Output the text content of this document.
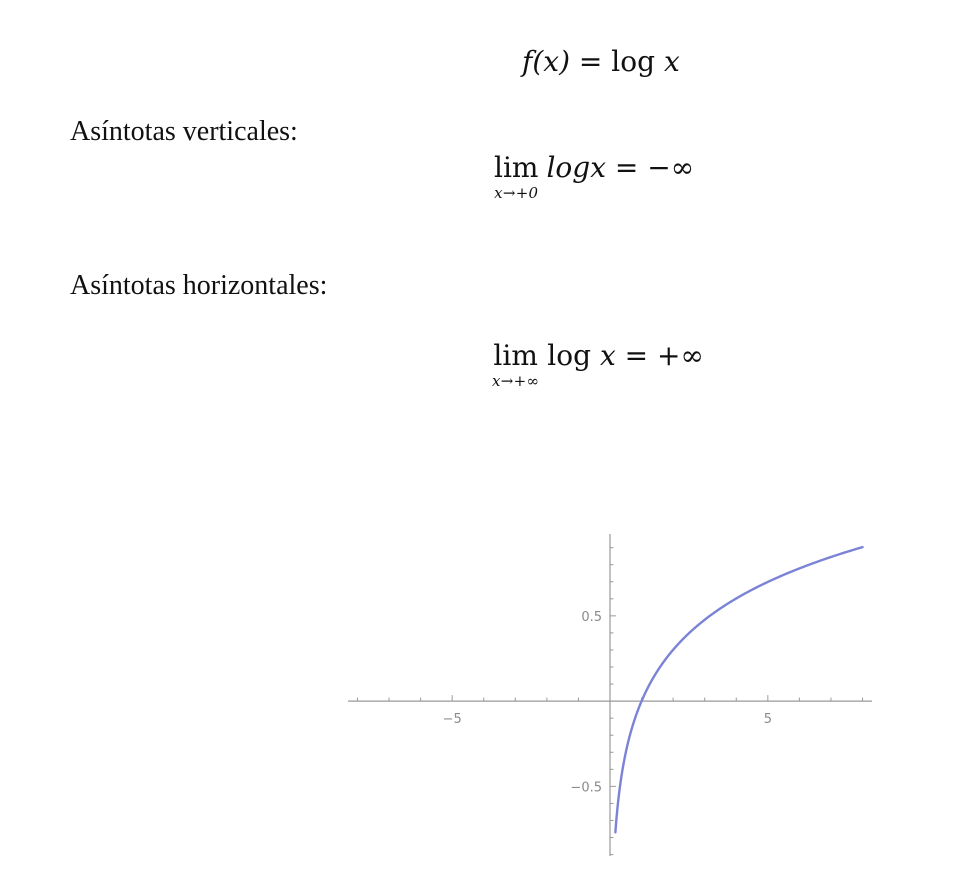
f(x) = log x
Asíntotas verticales:
lim
x→+0
logx = −∞
Asíntotas horizontales:
lim
x→+∞
log x = +∞
−5	5
−0.5
0.5
